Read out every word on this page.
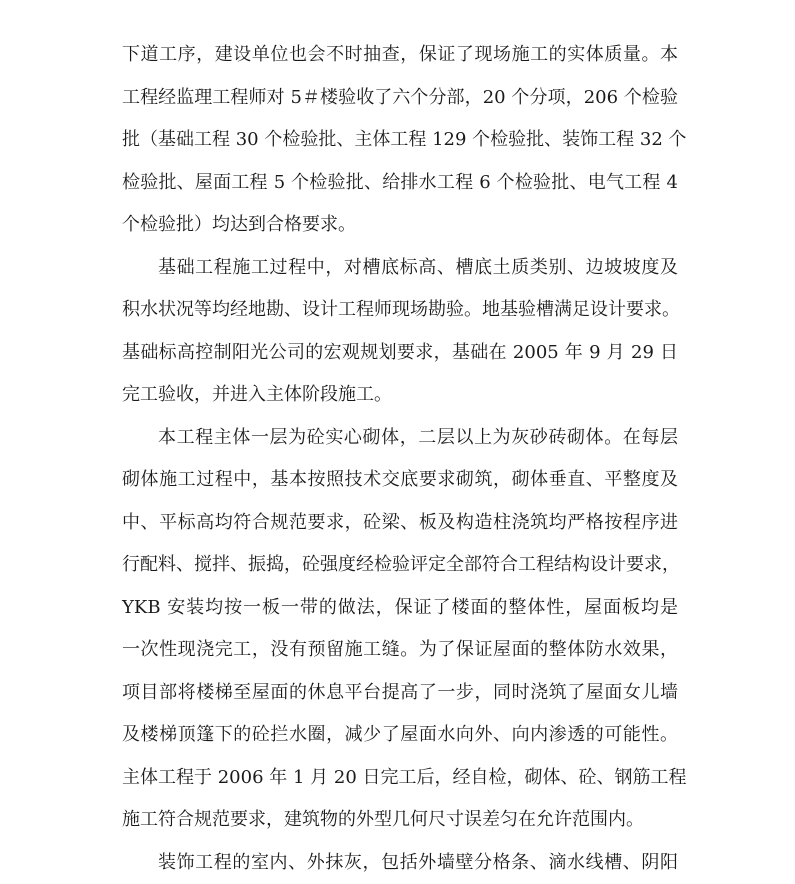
下道工序，建设单位也会不时抽查，保证了现场施工的实体质量。本
工程经监理工程师对 5＃楼验收了六个分部，20 个分项，206 个检验
批（基础工程 30 个检验批、主体工程 129 个检验批、装饰工程 32 个
检验批、屋面工程 5 个检验批、给排水工程 6 个检验批、电气工程 4
个检验批）均达到合格要求。
基础工程施工过程中，对槽底标高、槽底土质类别、边坡坡度及
积水状况等均经地勘、设计工程师现场勘验。地基验槽满足设计要求。
基础标高控制阳光公司的宏观规划要求，基础在 2005 年 9 月 29 日
完工验收，并进入主体阶段施工。
本工程主体一层为砼实心砌体，二层以上为灰砂砖砌体。在每层
砌体施工过程中，基本按照技术交底要求砌筑，砌体垂直、平整度及
中、平标高均符合规范要求，砼梁、板及构造柱浇筑均严格按程序进
行配料、搅拌、振捣，砼强度经检验评定全部符合工程结构设计要求，
YKB 安装均按一板一带的做法，保证了楼面的整体性，屋面板均是
一次性现浇完工，没有预留施工缝。为了保证屋面的整体防水效果，
项目部将楼梯至屋面的休息平台提高了一步，同时浇筑了屋面女儿墙
及楼梯顶篷下的砼拦水圈，减少了屋面水向外、向内渗透的可能性。
主体工程于 2006 年 1 月 20 日完工后，经自检，砌体、砼、钢筋工程
施工符合规范要求，建筑物的外型几何尺寸误差匀在允许范围内。
装饰工程的室内、外抹灰，包括外墙壁分格条、滴水线槽、阴阳
